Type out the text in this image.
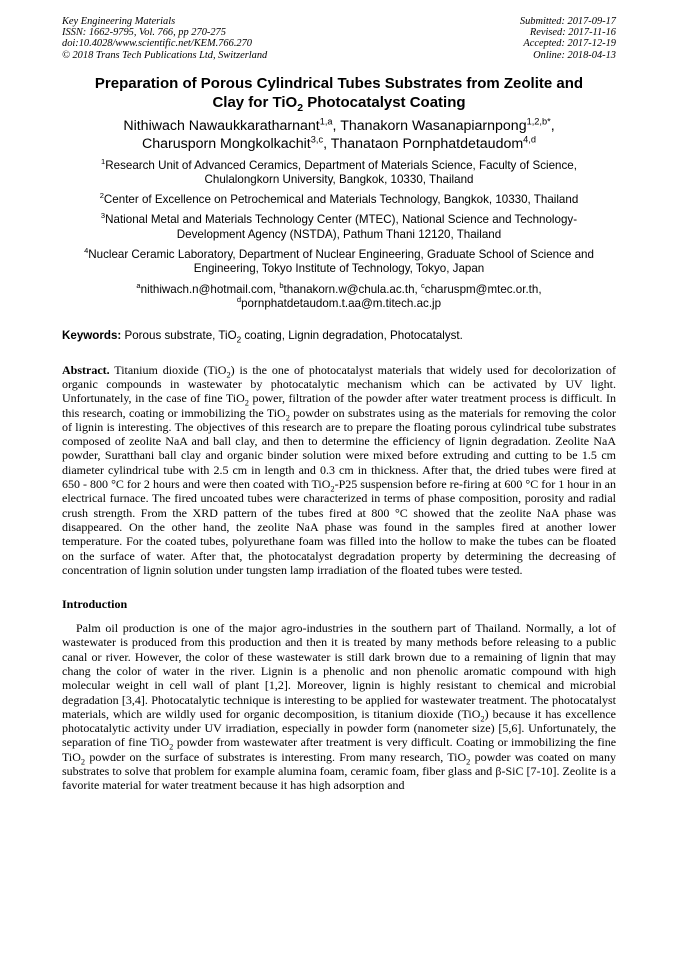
Key Engineering Materials
ISSN: 1662-9795, Vol. 766, pp 270-275
doi:10.4028/www.scientific.net/KEM.766.270
© 2018 Trans Tech Publications Ltd, Switzerland
Submitted: 2017-09-17
Revised: 2017-11-16
Accepted: 2017-12-19
Online: 2018-04-13
Preparation of Porous Cylindrical Tubes Substrates from Zeolite and
Clay for TiO$_2$ Photocatalyst Coating
Nithiwach Nawaukkaratharnant$^{1,a}$, Thanakorn Wasanapiarnpong$^{1,2,b*}$,
Charusporn Mongkolkachit$^{3,c}$, Thanataon Pornphatdetaudom$^{4,d}$
$^1$Research Unit of Advanced Ceramics, Department of Materials Science, Faculty of Science,
Chulalongkorn University, Bangkok, 10330, Thailand
$^2$Center of Excellence on Petrochemical and Materials Technology, Bangkok, 10330, Thailand
$^3$National Metal and Materials Technology Center (MTEC), National Science and Technology-
Development Agency (NSTDA), Pathum Thani 12120, Thailand
$^4$Nuclear Ceramic Laboratory, Department of Nuclear Engineering, Graduate School of Science and
Engineering, Tokyo Institute of Technology, Tokyo, Japan
$^a$nithiwach.n@hotmail.com, $^b$thanakorn.w@chula.ac.th, $^c$charuspm@mtec.or.th,
$^d$pornphatdetaudom.t.aa@m.titech.ac.jp
Keywords: Porous substrate, TiO$_2$ coating, Lignin degradation, Photocatalyst.
Abstract. Titanium dioxide (TiO$_2$) is the one of photocatalyst materials that widely used for decolorization of organic compounds in wastewater by photocatalytic mechanism which can be activated by UV light. Unfortunately, in the case of fine TiO$_2$ power, filtration of the powder after water treatment process is difficult. In this research, coating or immobilizing the TiO$_2$ powder on substrates using as the materials for removing the color of lignin is interesting. The objectives of this research are to prepare the floating porous cylindrical tube substrates composed of zeolite NaA and ball clay, and then to determine the efficiency of lignin degradation. Zeolite NaA powder, Suratthani ball clay and organic binder solution were mixed before extruding and cutting to be 1.5 cm diameter cylindrical tube with 2.5 cm in length and 0.3 cm in thickness. After that, the dried tubes were fired at 650 - 800 °C for 2 hours and were then coated with TiO$_2$-P25 suspension before re-firing at 600 °C for 1 hour in an electrical furnace. The fired uncoated tubes were characterized in terms of phase composition, porosity and radial crush strength. From the XRD pattern of the tubes fired at 800 °C showed that the zeolite NaA phase was disappeared. On the other hand, the zeolite NaA phase was found in the samples fired at another lower temperature. For the coated tubes, polyurethane foam was filled into the hollow to make the tubes can be floated on the surface of water. After that, the photocatalyst degradation property by determining the decreasing of concentration of lignin solution under tungsten lamp irradiation of the floated tubes were tested.
Introduction
Palm oil production is one of the major agro-industries in the southern part of Thailand. Normally, a lot of wastewater is produced from this production and then it is treated by many methods before releasing to a public canal or river. However, the color of these wastewater is still dark brown due to a remaining of lignin that may chang the color of water in the river. Lignin is a phenolic and non phenolic aromatic compound with high molecular weight in cell wall of plant [1,2]. Moreover, lignin is highly resistant to chemical and microbial degradation [3,4]. Photocatalytic technique is interesting to be applied for wastewater treatment. The photocatalyst materials, which are wildly used for organic decomposition, is titanium dioxide (TiO$_2$) because it has excellence photocatalytic activity under UV irradiation, especially in powder form (nanometer size) [5,6]. Unfortunately, the separation of fine TiO$_2$ powder from wastewater after treatment is very difficult. Coating or immobilizing the fine TiO$_2$ powder on the surface of substrates is interesting. From many research, TiO$_2$ powder was coated on many substrates to solve that problem for example alumina foam, ceramic foam, fiber glass and β-SiC [7-10]. Zeolite is a favorite material for water treatment because it has high adsorption and
